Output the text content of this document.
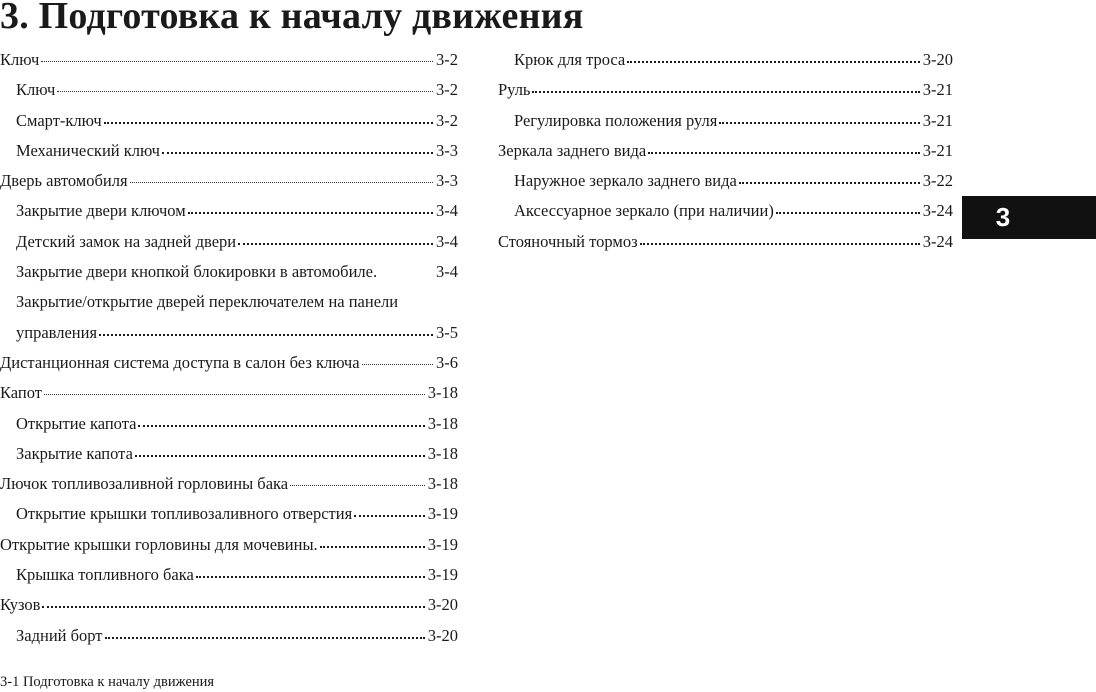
3. Подготовка к началу движения
Ключ	3-2
Ключ	3-2
Смарт-ключ	3-2
Механический ключ	3-3
Дверь автомобиля	3-3
Закрытие двери ключом	3-4
Детский замок на задней двери	3-4
Закрытие двери кнопкой блокировки в автомобиле.	3-4
Закрытие/открытие дверей переключателем на панели
управления	3-5
Дистанционная система доступа в салон без ключа	3-6
Капот	3-18
Открытие капота	3-18
Закрытие капота	3-18
Лючок топливозаливной горловины бака	3-18
Открытие крышки топливозаливного отверстия	3-19
Открытие крышки горловины для мочевины.	3-19
Крышка топливного бака	3-19
Кузов	3-20
Задний борт	3-20
Крюк для троса	3-20
Руль	3-21
Регулировка положения руля	3-21
Зеркала заднего вида	3-21
Наружное зеркало заднего вида	3-22
Аксессуарное зеркало (при наличии)	3-24
Стояночный тормоз	3-24
3
3-1 Подготовка к началу движения
